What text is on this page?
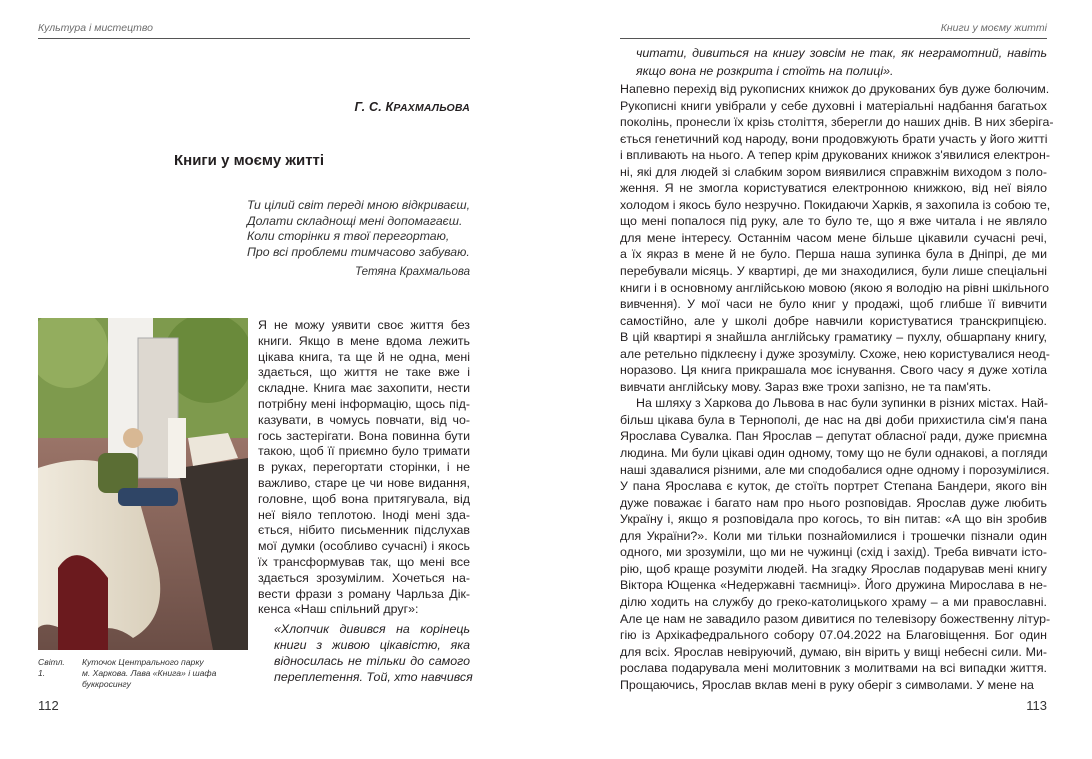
Культура і мистецтво
Г. С. КРАХМАЛЬОВА
Книги у моєму житті
Ти цілий світ переді мною відкриваєш,
Долати складнощі мені допомагаєш.
Коли сторінки я твої перегортаю,
Про всі проблеми тимчасово забуваю.
Тетяна Крахмальова
112
Світл. 1.
Куточок Центрального парку
м. Харкова. Лава «Книга» і шафа
буккросингу
Я не можу уявити своє життя без
книги. Якщо в мене вдома лежить
цікава книга, та ще й не одна, мені
здається, що життя не таке вже і
складне. Книга має захопити, нести
потрібну мені інформацію, щось під-
казувати, в чомусь повчати, від чо-
гось застерігати. Вона повинна бути
такою, щоб її приємно було тримати
в руках, перегортати сторінки, і не
важливо, старе це чи нове видання,
головне, щоб вона притягувала, від
неї віяло теплотою. Іноді мені зда-
ється, нібито письменник підслухав
мої думки (особливо сучасні) і якось
їх трансформував так, що мені все
здається зрозумілим. Хочеться на-
вести фрази з роману Чарльза Дік-
кенса «Наш спільний друг»:
«Хлопчик дивився на корінець
книги з живою цікавістю, яка
відносилась не тільки до самого
переплетення. Той, хто навчився
Книги у моєму житті
113
читати, дивиться на книгу зовсім не так, як неграмотний, навіть
якщо вона не розкрита і стоїть на полиці».
Напевно перехід від рукописних книжок до друкованих був дуже болючим.
Рукописні книги увібрали у себе духовні і матеріальні надбання багатьох
поколінь, пронесли їх крізь століття, зберегли до наших днів. В них зберіга-
ється генетичний код народу, вони продовжують брати участь у його житті
і впливають на нього. А тепер крім друкованих книжок з'явилися електрон-
ні, які для людей зі слабким зором виявилися справжнім виходом з поло-
ження. Я не змогла користуватися електронною книжкою, від неї віяло
холодом і якось було незручно. Покидаючи Харків, я захопила із собою те,
що мені попалося під руку, але то було те, що я вже читала і не являло
для мене інтересу. Останнім часом мене більше цікавили сучасні речі,
а їх якраз в мене й не було. Перша наша зупинка була в Дніпрі, де ми
перебували місяць. У квартирі, де ми знаходилися, були лише спеціальні
книги і в основному англійською мовою (якою я володію на рівні шкільного
вивчення). У мої часи не було книг у продажі, щоб глибше її вивчити
самостійно, але у школі добре навчили користуватися транскрипцією.
В цій квартирі я знайшла англійську граматику – пухлу, обшарпану книгу,
але ретельно підклеєну і дуже зрозумілу. Схоже, нею користувалися неод-
норазово. Ця книга прикрашала моє існування. Свого часу я дуже хотіла
вивчати англійську мову. Зараз вже трохи запізно, не та пам'ять.
На шляху з Харкова до Львова в нас були зупинки в різних містах. Най-
більш цікава була в Тернополі, де нас на дві доби прихистила сім'я пана
Ярослава Сувалка. Пан Ярослав – депутат обласної ради, дуже приємна
людина. Ми були цікаві один одному, тому що не були однакові, а погляди
наші здавалися різними, але ми сподобалися одне одному і порозумілися.
У пана Ярослава є куток, де стоїть портрет Степана Бандери, якого він
дуже поважає і багато нам про нього розповідав. Ярослав дуже любить
Україну і, якщо я розповідала про когось, то він питав: «А що він зробив
для України?». Коли ми тільки познайомилися і трошечки пізнали один
одного, ми зрозуміли, що ми не чужинці (схід і захід). Треба вивчати істо-
рію, щоб краще розуміти людей. На згадку Ярослав подарував мені книгу
Віктора Ющенка «Недержавні таємниці». Його дружина Мирослава в не-
ділю ходить на службу до греко-католицького храму – а ми православні.
Але це нам не завадило разом дивитися по телевізору божественну літур-
гію із Архікафедрального собору 07.04.2022 на Благовіщення. Бог один
для всіх. Ярослав невіруючий, думаю, він вірить у вищі небесні сили. Ми-
рослава подарувала мені молитовник з молитвами на всі випадки життя.
Прощаючись, Ярослав вклав мені в руку оберіг з символами. У мене на
